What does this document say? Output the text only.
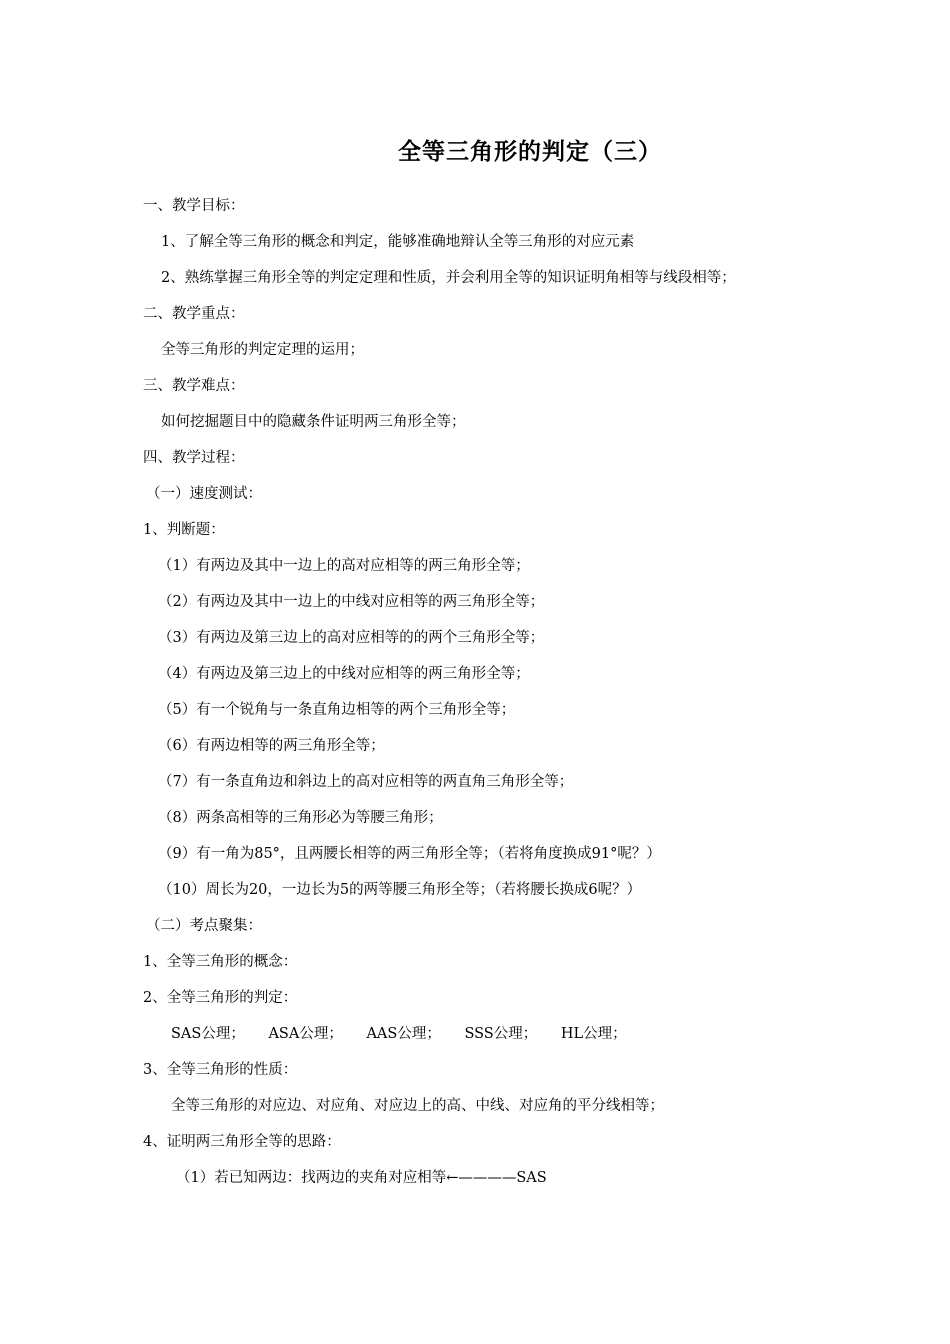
全等三角形的判定（三）
一、教学目标：
1、了解全等三角形的概念和判定，能够准确地辩认全等三角形的对应元素
2、熟练掌握三角形全等的判定定理和性质，并会利用全等的知识证明角相等与线段相等；
二、教学重点：
全等三角形的判定定理的运用；
三、教学难点：
如何挖掘题目中的隐藏条件证明两三角形全等；
四、教学过程：
（一）速度测试：
1、判断题：
（1）有两边及其中一边上的高对应相等的两三角形全等；
（2）有两边及其中一边上的中线对应相等的两三角形全等；
（3）有两边及第三边上的高对应相等的的两个三角形全等；
（4）有两边及第三边上的中线对应相等的两三角形全等；
（5）有一个锐角与一条直角边相等的两个三角形全等；
（6）有两边相等的两三角形全等；
（7）有一条直角边和斜边上的高对应相等的两直角三角形全等；
（8）两条高相等的三角形必为等腰三角形；
（9）有一角为85°，且两腰长相等的两三角形全等；（若将角度换成91°呢？）
（10）周长为20，一边长为5的两等腰三角形全等；（若将腰长换成6呢？）
（二）考点聚集：
1、全等三角形的概念：
2、全等三角形的判定：
SAS公理； ASA公理； AAS公理； SSS公理； HL公理；
3、全等三角形的性质：
全等三角形的对应边、对应角、对应边上的高、中线、对应角的平分线相等；
4、证明两三角形全等的思路：
（1）若已知两边：找两边的夹角对应相等←————SAS
